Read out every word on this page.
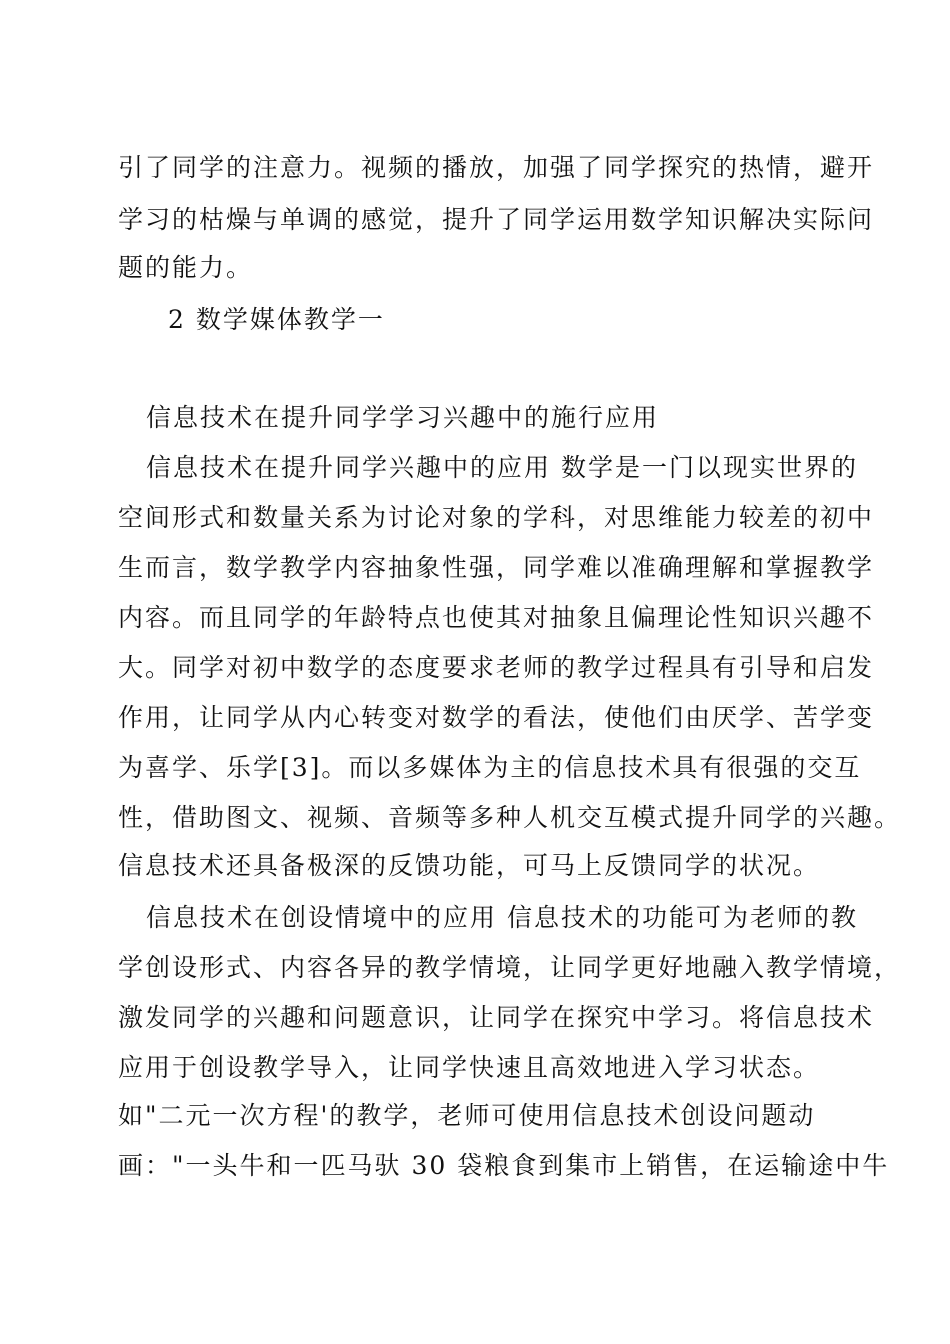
引了同学的注意力。视频的播放，加强了同学探究的热情，避开
学习的枯燥与单调的感觉，提升了同学运用数学知识解决实际问
题的能力。
2 数学媒体教学一
信息技术在提升同学学习兴趣中的施行应用
信息技术在提升同学兴趣中的应用 数学是一门以现实世界的
空间形式和数量关系为讨论对象的学科，对思维能力较差的初中
生而言，数学教学内容抽象性强，同学难以准确理解和掌握教学
内容。而且同学的年龄特点也使其对抽象且偏理论性知识兴趣不
大。同学对初中数学的态度要求老师的教学过程具有引导和启发
作用，让同学从内心转变对数学的看法，使他们由厌学、苦学变
为喜学、乐学[3]。而以多媒体为主的信息技术具有很强的交互
性，借助图文、视频、音频等多种人机交互模式提升同学的兴趣。
信息技术还具备极深的反馈功能，可马上反馈同学的状况。
信息技术在创设情境中的应用 信息技术的功能可为老师的教
学创设形式、内容各异的教学情境，让同学更好地融入教学情境，
激发同学的兴趣和问题意识，让同学在探究中学习。将信息技术
应用于创设教学导入，让同学快速且高效地进入学习状态。
如"二元一次方程'的教学，老师可使用信息技术创设问题动
画："一头牛和一匹马驮 30 袋粮食到集市上销售，在运输途中牛
